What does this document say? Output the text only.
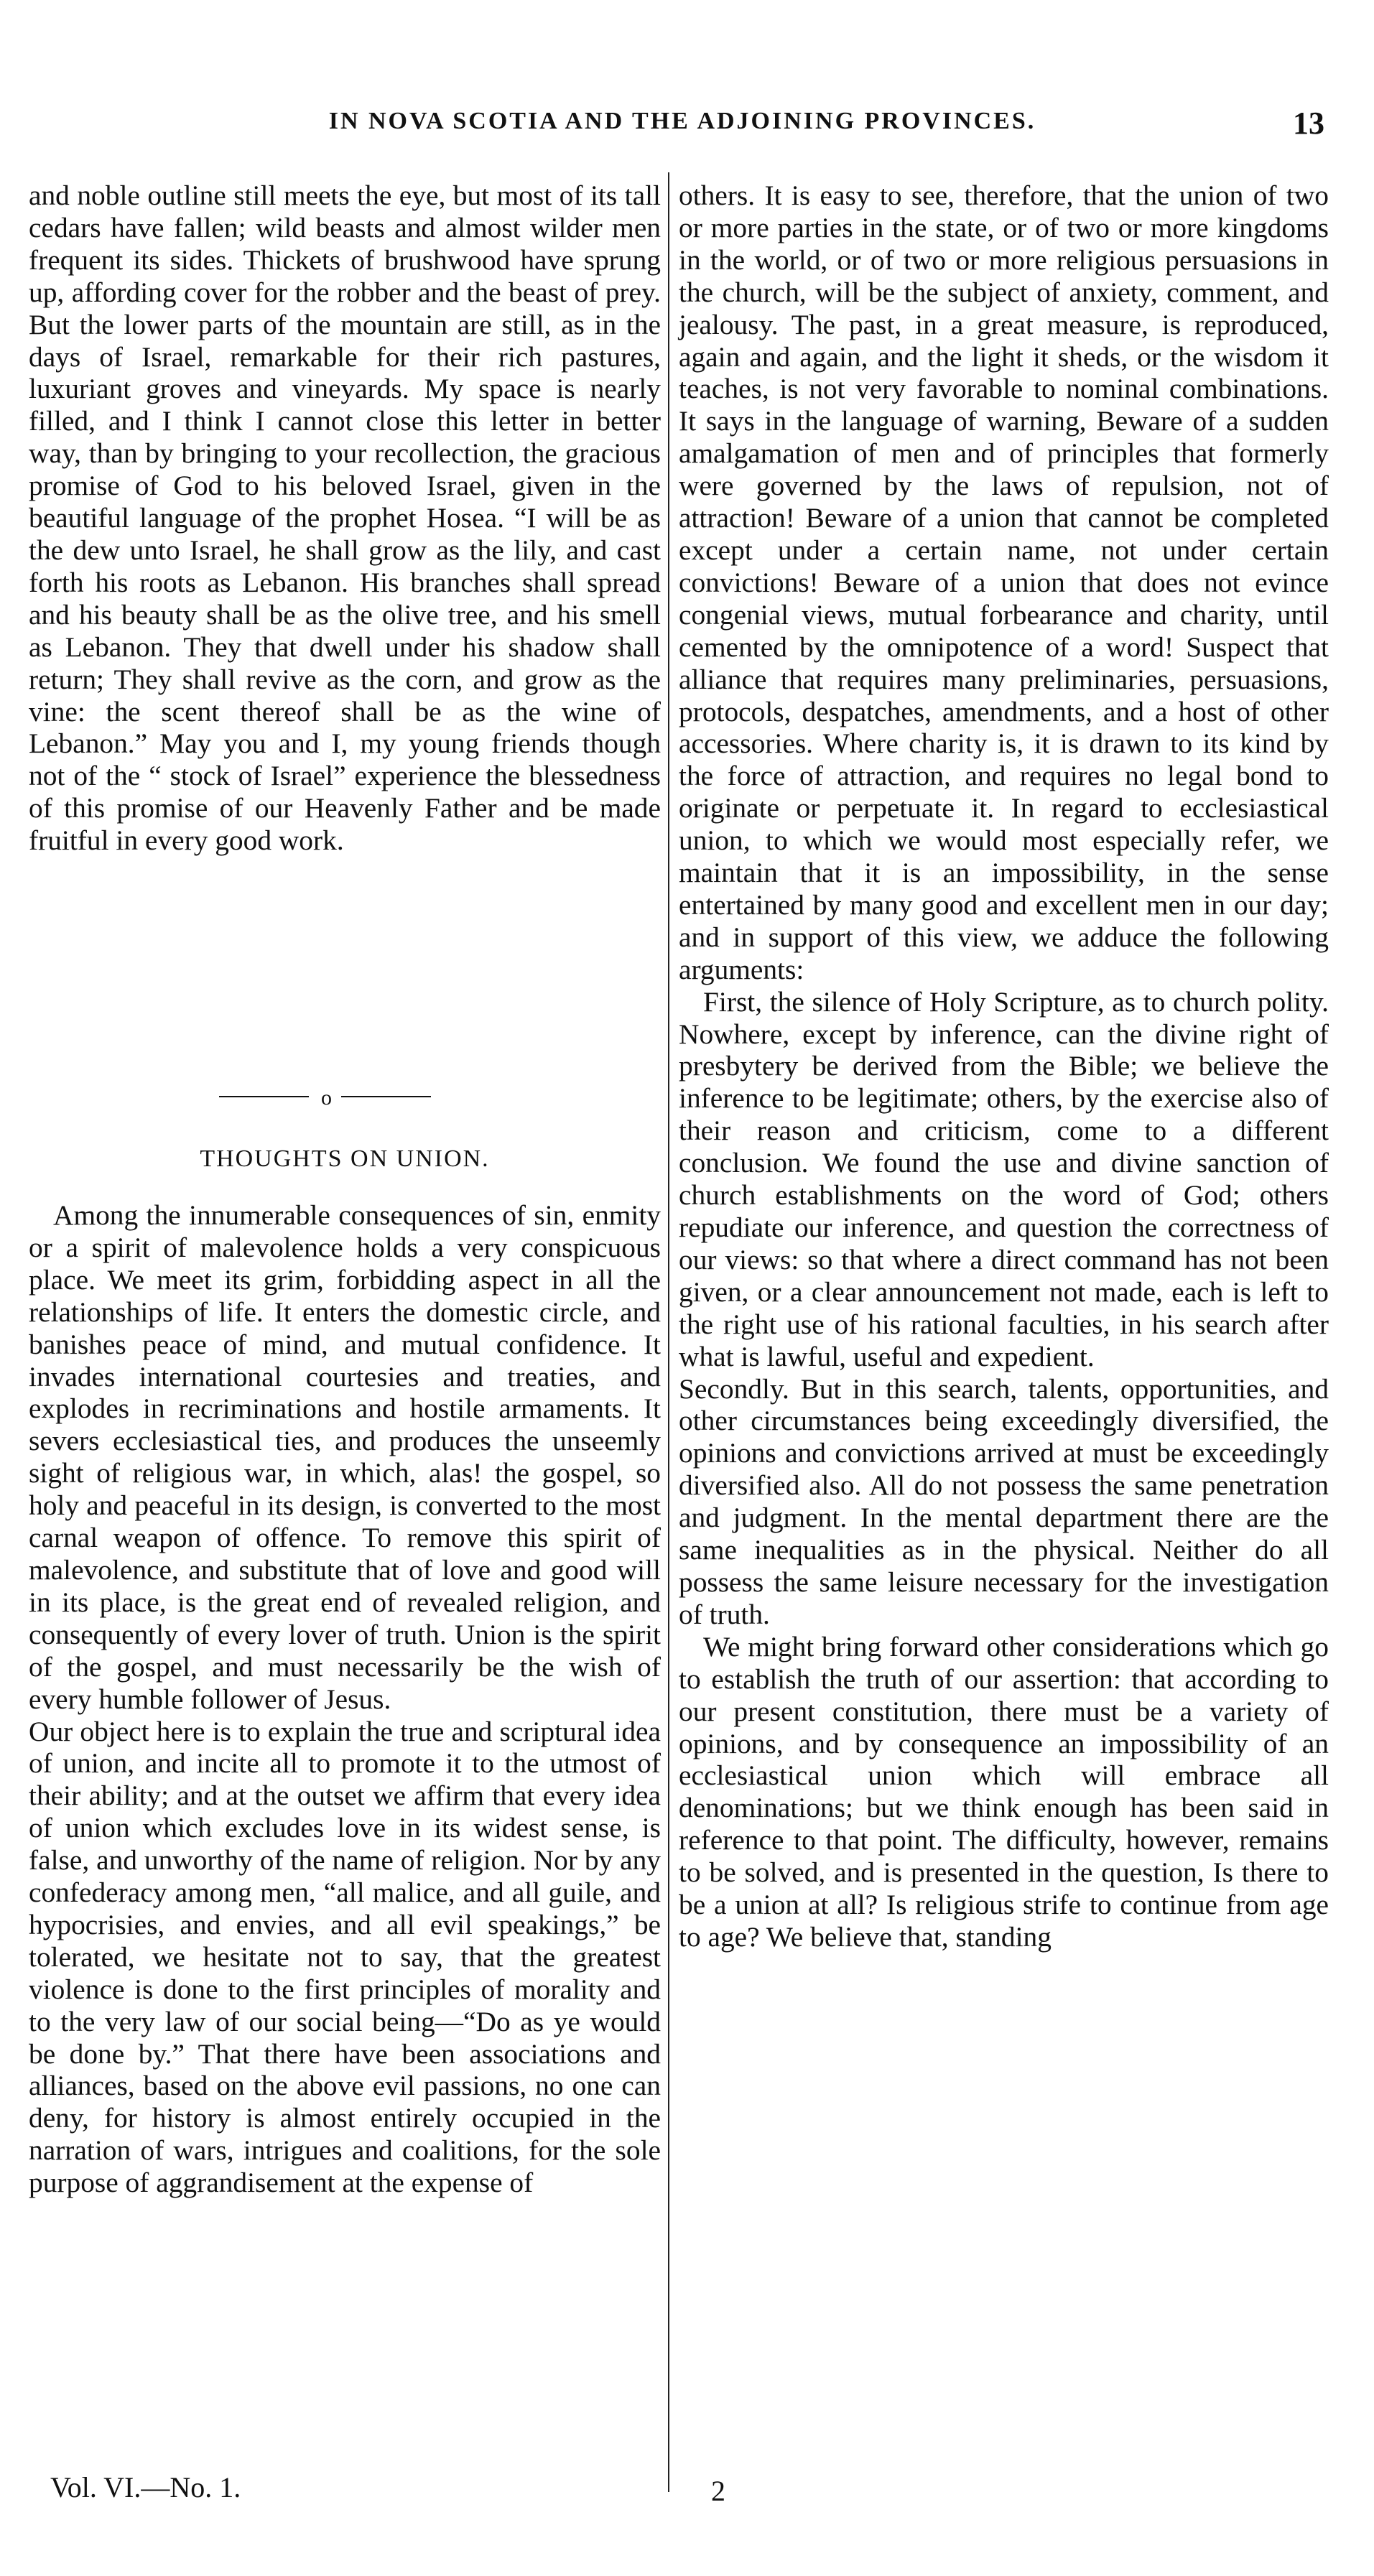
IN NOVA SCOTIA AND THE ADJOINING PROVINCES.	13

and noble outline still meets the eye, but most of its tall cedars have fallen; wild beasts and almost wilder men frequent its sides. Thickets of brushwood have sprung up, affording cover for the robber and the beast of prey. But the lower parts of the mountain are still, as in the days of Israel, remarkable for their rich pastures, luxuriant groves and vineyards. My space is nearly filled, and I think I cannot close this letter in better way, than by bringing to your recollection, the gracious promise of God to his beloved Israel, given in the beautiful language of the prophet Hosea. “I will be as the dew unto Israel, he shall grow as the lily, and cast forth his roots as Lebanon. His branches shall spread and his beauty shall be as the olive tree, and his smell as Lebanon. They that dwell under his shadow shall return; They shall revive as the corn, and grow as the vine: the scent thereof shall be as the wine of Lebanon.” May you and I, my young friends though not of the “ stock of Israel” experience the blessedness of this promise of our Heavenly Father and be made fruitful in every good work.

o
THOUGHTS ON UNION.

Among the innumerable consequences of sin, enmity or a spirit of malevolence holds a very conspicuous place. We meet its grim, forbidding aspect in all the relationships of life. It enters the domestic circle, and banishes peace of mind, and mutual confidence. It invades international courtesies and treaties, and explodes in recriminations and hostile armaments. It severs ecclesiastical ties, and produces the unseemly sight of religious war, in which, alas! the gospel, so holy and peaceful in its design, is converted to the most carnal weapon of offence. To remove this spirit of malevolence, and substitute that of love and good will in its place, is the great end of revealed religion, and consequently of every lover of truth. Union is the spirit of the gospel, and must necessarily be the wish of every humble follower of Jesus.

Our object here is to explain the true and scriptural idea of union, and incite all to promote it to the utmost of their ability; and at the outset we affirm that every idea of union which excludes love in its widest sense, is false, and unworthy of the name of religion. Nor by any confederacy among men, “all malice, and all guile, and hypocrisies, and envies, and all evil speakings,” be tolerated, we hesitate not to say, that the greatest violence is done to the first principles of morality and to the very law of our social being—“Do as ye would be done by.” That there have been associations and alliances, based on the above evil passions, no one can deny, for history is almost entirely occupied in the narration of wars, intrigues and coalitions, for the sole purpose of aggrandisement at the expense of

others. It is easy to see, therefore, that the union of two or more parties in the state, or of two or more kingdoms in the world, or of two or more religious persuasions in the church, will be the subject of anxiety, comment, and jealousy. The past, in a great measure, is reproduced, again and again, and the light it sheds, or the wisdom it teaches, is not very favorable to nominal combinations. It says in the language of warning, Beware of a sudden amalgamation of men and of principles that formerly were governed by the laws of repulsion, not of attraction! Beware of a union that cannot be completed except under a certain name, not under certain convictions! Beware of a union that does not evince congenial views, mutual forbearance and charity, until cemented by the omnipotence of a word! Suspect that alliance that requires many preliminaries, persuasions, protocols, despatches, amendments, and a host of other accessories. Where charity is, it is drawn to its kind by the force of attraction, and requires no legal bond to originate or perpetuate it. In regard to ecclesiastical union, to which we would most especially refer, we maintain that it is an impossibility, in the sense entertained by many good and excellent men in our day; and in support of this view, we adduce the following arguments:

First, the silence of Holy Scripture, as to church polity. Nowhere, except by inference, can the divine right of presbytery be derived from the Bible; we believe the inference to be legitimate; others, by the exercise also of their reason and criticism, come to a different conclusion. We found the use and divine sanction of church establishments on the word of God; others repudiate our inference, and question the correctness of our views: so that where a direct command has not been given, or a clear announcement not made, each is left to the right use of his rational faculties, in his search after what is lawful, useful and expedient.

Secondly. But in this search, talents, opportunities, and other circumstances being exceedingly diversified, the opinions and convictions arrived at must be exceedingly diversified also. All do not possess the same penetration and judgment. In the mental department there are the same inequalities as in the physical. Neither do all possess the same leisure necessary for the investigation of truth.

We might bring forward other considerations which go to establish the truth of our assertion: that according to our present constitution, there must be a variety of opinions, and by consequence an impossibility of an ecclesiastical union which will embrace all denominations; but we think enough has been said in reference to that point. The difficulty, however, remains to be solved, and is presented in the question, Is there to be a union at all? Is religious strife to continue from age to age? We believe that, standing

Vol. VI.—No. 1.	2
